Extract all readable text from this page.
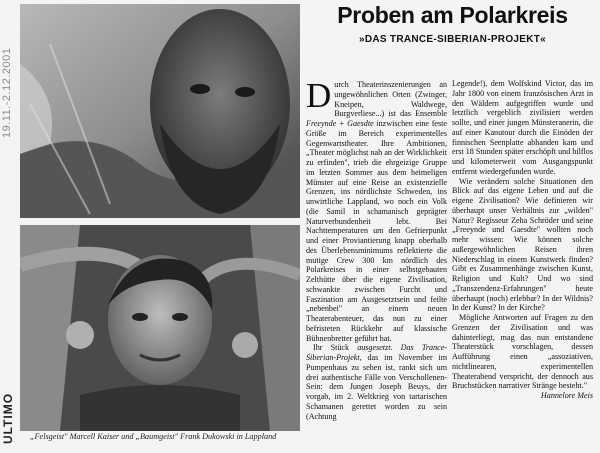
19.11.-2.12.2001
ULTIMO „Felsgeist" Marcell Kaiser und „Baumgeist" Frank Dukowski in Lappland
Proben am Polarkreis
»DAS TRANCE-SIBERIAN-PROJEKT«

Durch Theaterinszenierungen an ungewöhnlichen Orten (Zwinger, Kneipen, Waldwege, Burgverliese...) ist das Ensemble Freeynde + Gaesdte inzwischen eine feste Größe im Bereich experimentelles Gegenwartstheater. Ihre Ambitionen, „Theater möglichst nah an der Wirklichkeit zu erfinden", trieb die ehrgeizige Gruppe im letzten Sommer aus dem heimeligen Münster auf eine Reise an existenzielle Grenzen, ins nördlichste Schweden, ins unwirtliche Lappland, wo noch ein Volk (die Samil in schamanisch geprägter Naturverbundenheit lebt. Bei Nachttemperaturen um den Gefrierpunkt und einer Proviantierung knapp oberhalb des Überlebensminimums reflektierte die mutige Crew 300 km nördlich des Polarkreises in einer selbstgebauten Zelthütte über die eigene Zivilisation, schwankte zwischen Furcht und Faszination am Ausgesetztsein und feilte „nebenbei" an einem neuen Theaterabenteuer, das nun zu einer befristeten Rückkehr auf klassische Bühnenbretter geführt hat.

Ihr Stück ausgesetzt. Das Trance-Siberian-Projekt, das im November im Pumpenhaus zu sehen ist, rankt sich um drei authentische Fälle von Verschollenen-Sein: dem Jungen Joseph Beuys, der vorgab, im 2. Weltkrieg von tartarischen Schamanen gerettet worden zu sein (Achtung

Legende!), dem Wolfskind Victor, das im Jahr 1800 von einem französischen Arzt in den Wäldern aufgegriffen wurde und letztlich vergeblich zivilisiert werden sollte, und einer jungen Münsteranerin, die auf einer Kanutour durch die Einöden der finnischen Seenplatte abhanden kam und erst 18 Stunden später erschöpft und hilflos und kilometerweit vom Ausgangspunkt entfernt wiedergefunden wurde.

Wie verändern solche Situationen den Blick auf das eigene Leben und auf die eigene Zivilisation? Wie definieren wir überhaupt unser Verhältnis zur „wilden" Natur? Regisseur Zeha Schröder und seine „Freeynde und Gaesdte" wollten noch mehr wissen: Wie können solche außergewöhnlichen Reisen ihren Niederschlag in einem Kunstwerk finden? Gibt es Zusammenhänge zwischen Kunst, Religion und Kult? Und wo sind „Transzendenz-Erfahrungen" heute überhaupt (noch) erlebbar? In der Wildnis? In der Kunst? In der Kirche?

Mögliche Antworten auf Fragen zu den Grenzen der Zivilisation und was dahinterliegt, mag das nun entstandene Theaterstück vorschlagen, dessen Aufführung einen „assoziativen, nichtlinearen, experimentellen Theaterabend verspricht, der dennoch aus Bruchstücken narrativer Stränge besteht."

Hannelore Meis
